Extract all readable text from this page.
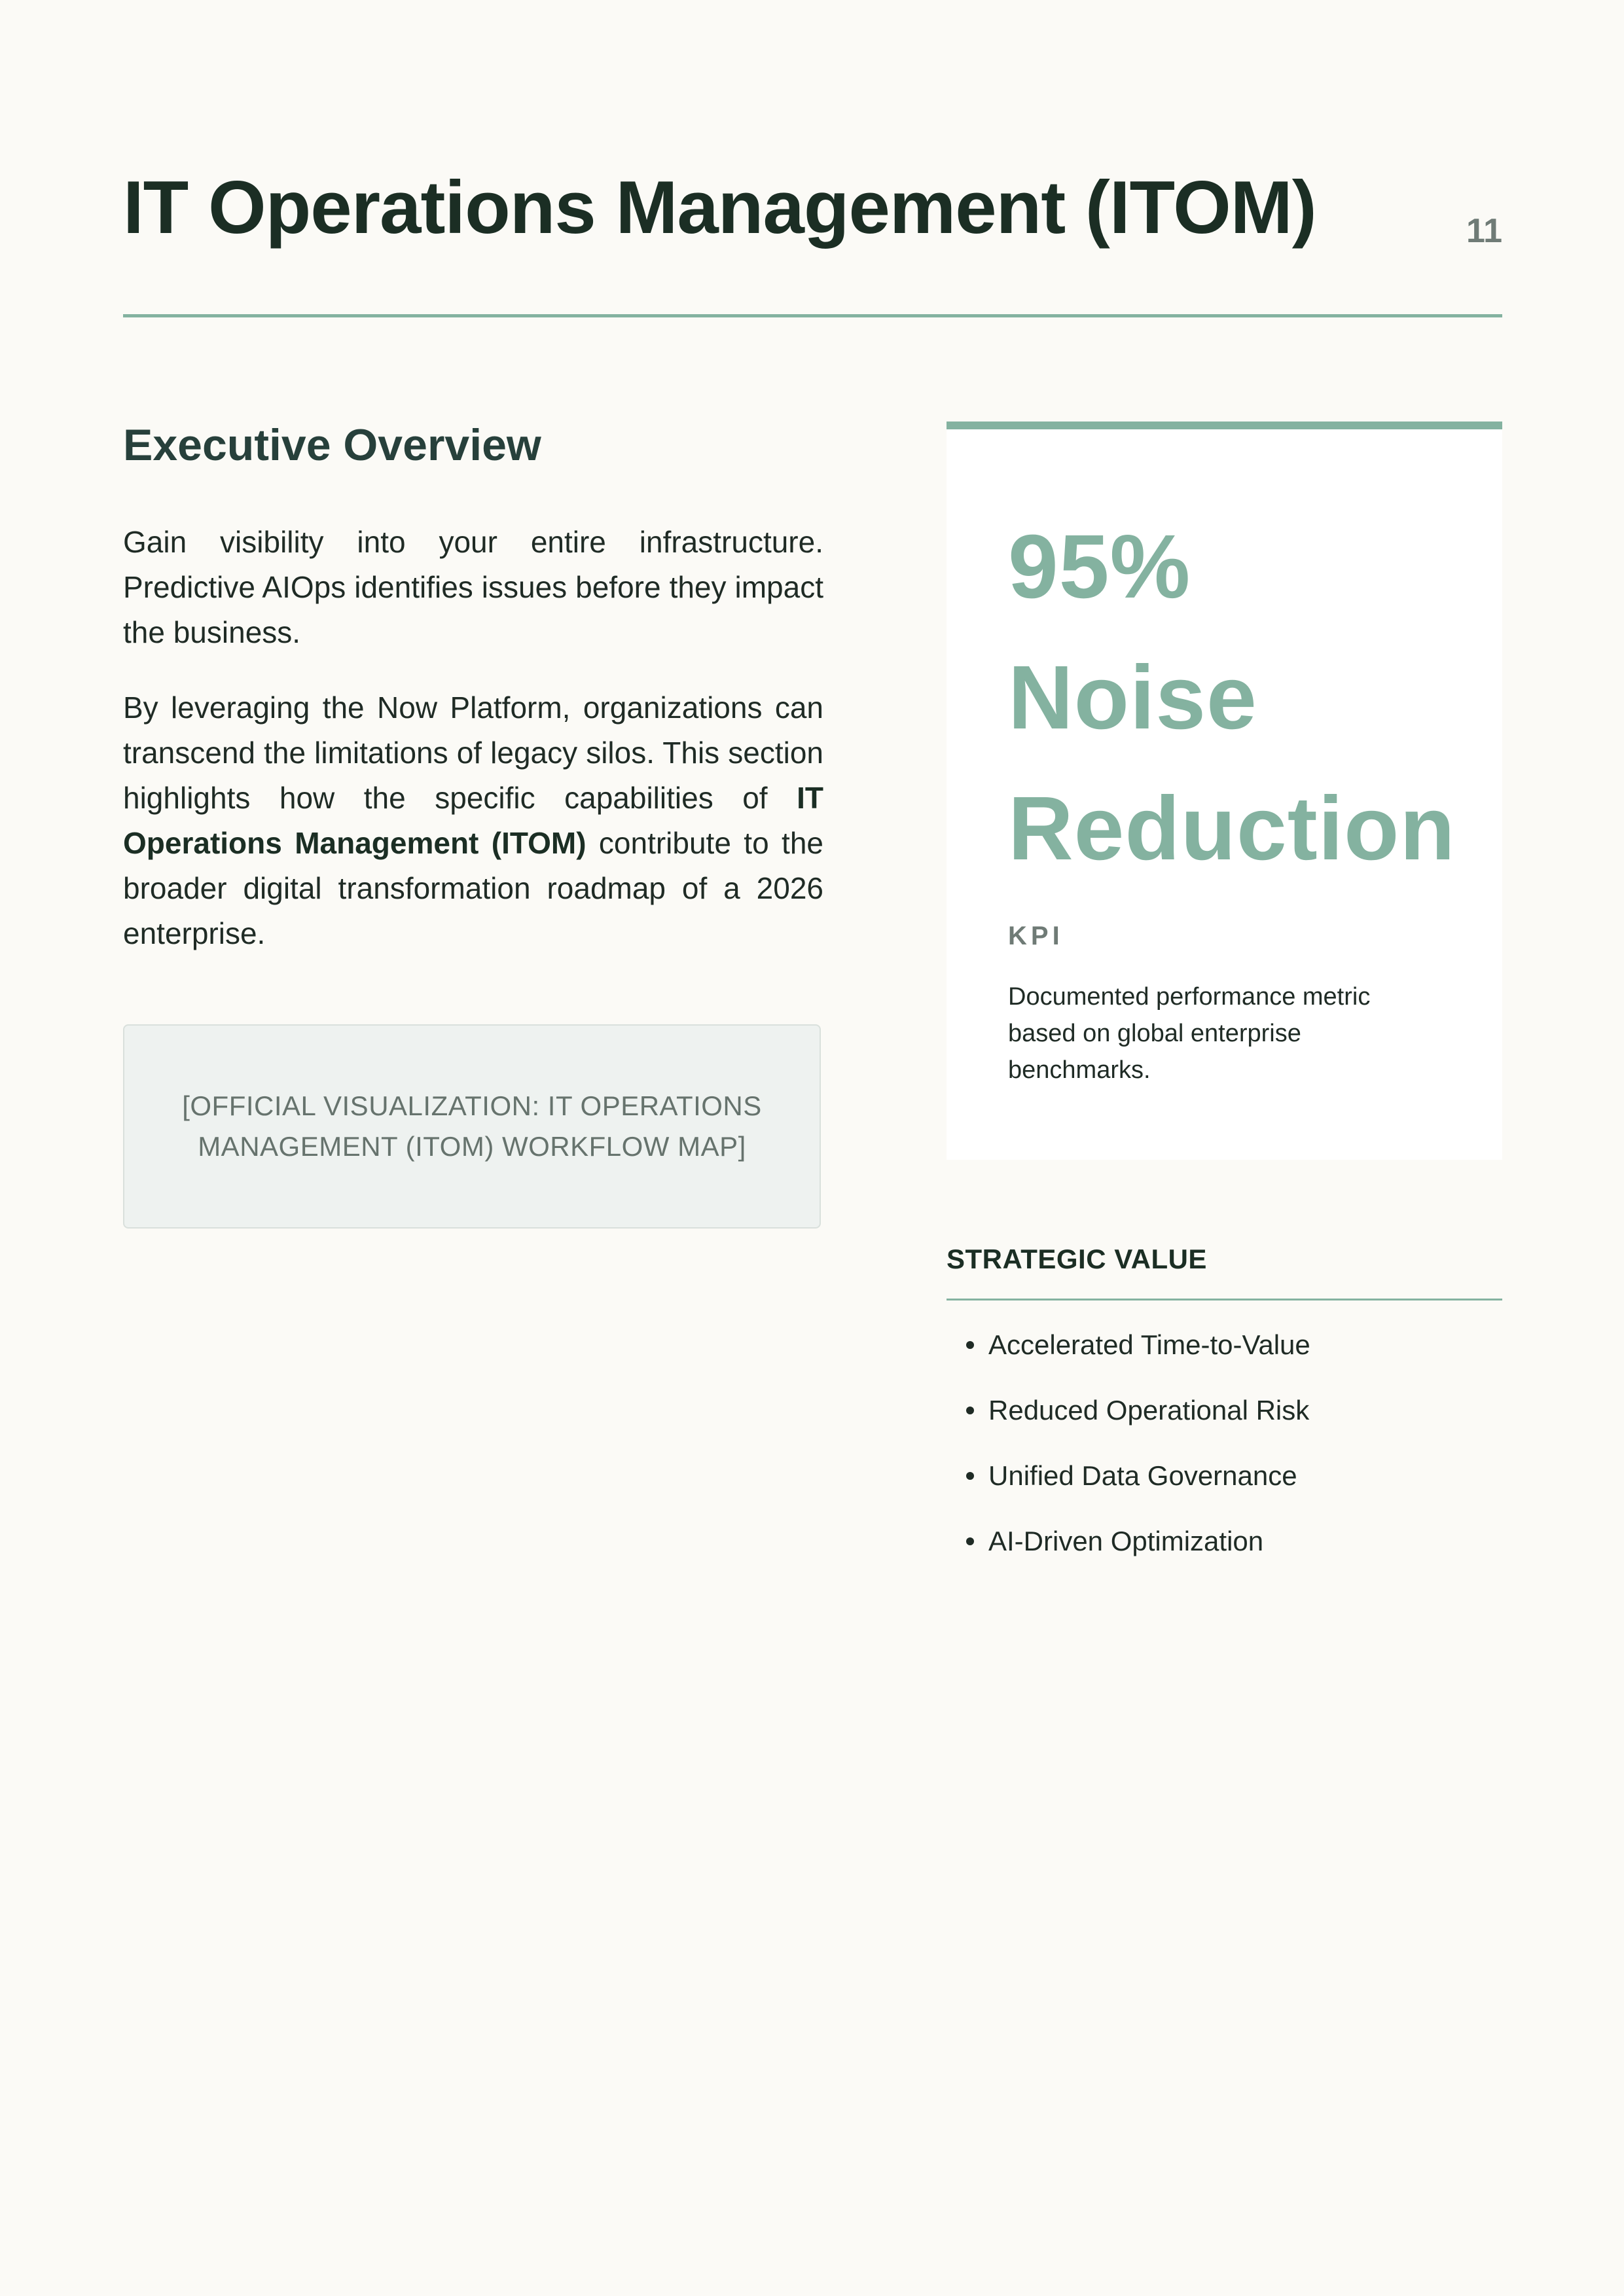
IT Operations Management (ITOM)	11
Executive Overview

Gain visibility into your entire infrastructure. Predictive AIOps identifies issues before they impact the business.

By leveraging the Now Platform, organizations can transcend the limitations of legacy silos. This section highlights how the specific capabilities of IT Operations Management (ITOM) contribute to the broader digital transformation roadmap of a 2026 enterprise.

[OFFICIAL VISUALIZATION: IT OPERATIONS MANAGEMENT (ITOM) WORKFLOW MAP]
95% Noise Reduction
KPI
Documented performance metric based on global enterprise benchmarks.
STRATEGIC VALUE
Accelerated Time-to-Value
Reduced Operational Risk
Unified Data Governance
AI-Driven Optimization
